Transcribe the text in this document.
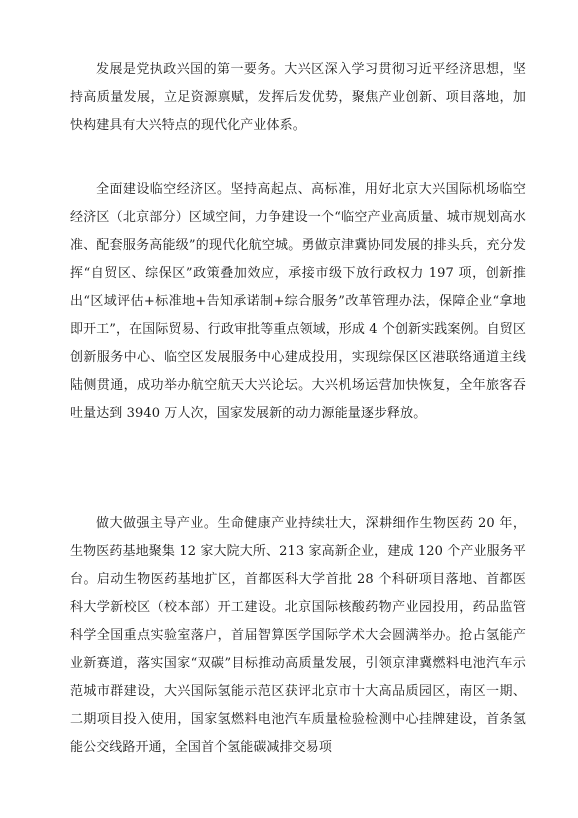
发展是党执政兴国的第一要务。大兴区深入学习贯彻习近平经济思想，坚持高质量发展，立足资源禀赋，发挥后发优势，聚焦产业创新、项目落地，加快构建具有大兴特点的现代化产业体系。

全面建设临空经济区。坚持高起点、高标准，用好北京大兴国际机场临空经济区（北京部分）区域空间，力争建设一个“临空产业高质量、城市规划高水准、配套服务高能级”的现代化航空城。勇做京津冀协同发展的排头兵，充分发挥“自贸区、综保区”政策叠加效应，承接市级下放行政权力 197 项，创新推出“区域评估+标准地+告知承诺制+综合服务”改革管理办法，保障企业“拿地即开工”，在国际贸易、行政审批等重点领域，形成 4 个创新实践案例。自贸区创新服务中心、临空区发展服务中心建成投用，实现综保区区港联络通道主线陆侧贯通，成功举办航空航天大兴论坛。大兴机场运营加快恢复，全年旅客吞吐量达到 3940 万人次，国家发展新的动力源能量逐步释放。

做大做强主导产业。生命健康产业持续壮大，深耕细作生物医药 20 年，生物医药基地聚集 12 家大院大所、213 家高新企业，建成 120 个产业服务平台。启动生物医药基地扩区，首都医科大学首批 28 个科研项目落地、首都医科大学新校区（校本部）开工建设。北京国际核酸药物产业园投用，药品监管科学全国重点实验室落户，首届智算医学国际学术大会圆满举办。抢占氢能产业新赛道，落实国家“双碳”目标推动高质量发展，引领京津冀燃料电池汽车示范城市群建设，大兴国际氢能示范区获评北京市十大高品质园区，南区一期、二期项目投入使用，国家氢燃料电池汽车质量检验检测中心挂牌建设，首条氢能公交线路开通，全国首个氢能碳减排交易项
